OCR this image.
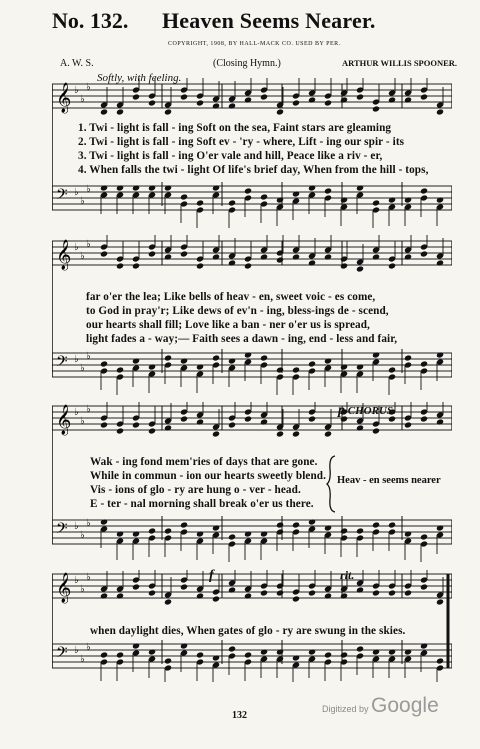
No. 132. Heaven Seems Nearer.
COPYRIGHT, 1908, BY HALL-MACK CO. USED BY PER.
A. W. S.	(Closing Hymn.)	ARTHUR WILLIS SPOONER.
Softly, with feeling.
𝄞 ♭
♭
♭
𝄢 ♭
♭
♭
𝄞 ♭
♭
♭
𝄢 ♭
♭
♭
𝄞 ♭
♭
♭
𝄢 ♭
♭
♭
𝄞 ♭
♭
♭
𝄢 ♭
♭
♭
1. Twi - light is fall - ing Soft on the sea, Faint stars are gleaming
2. Twi - light is fall - ing Soft ev - 'ry - where, Lift - ing our spir - its
3. Twi - light is fall - ing O'er vale and hill, Peace like a riv - er,
4. When falls the twi - light Of life's brief day, When from the hill - tops,
far o'er the lea; Like bells of heav - en, sweet voic - es come,
to God in pray'r; Like dews of ev'n - ing, bless-ings de - scend,
our hearts shall fill; Love like a ban - ner o'er us is spread,
light fades a - way;— Faith sees a dawn - ing, end - less and fair,
p CHORUS.
Wak - ing fond mem'ries of days that are gone.
While in commun - ion our hearts sweetly blend.
Vis - ions of glo - ry are hung o - ver - head.
E - ter - nal morning shall break o'er us there.
Heav - en seems nearer
f	rit.
when daylight dies, When gates of glo - ry are swung in the skies.
132
Digitized by Google
